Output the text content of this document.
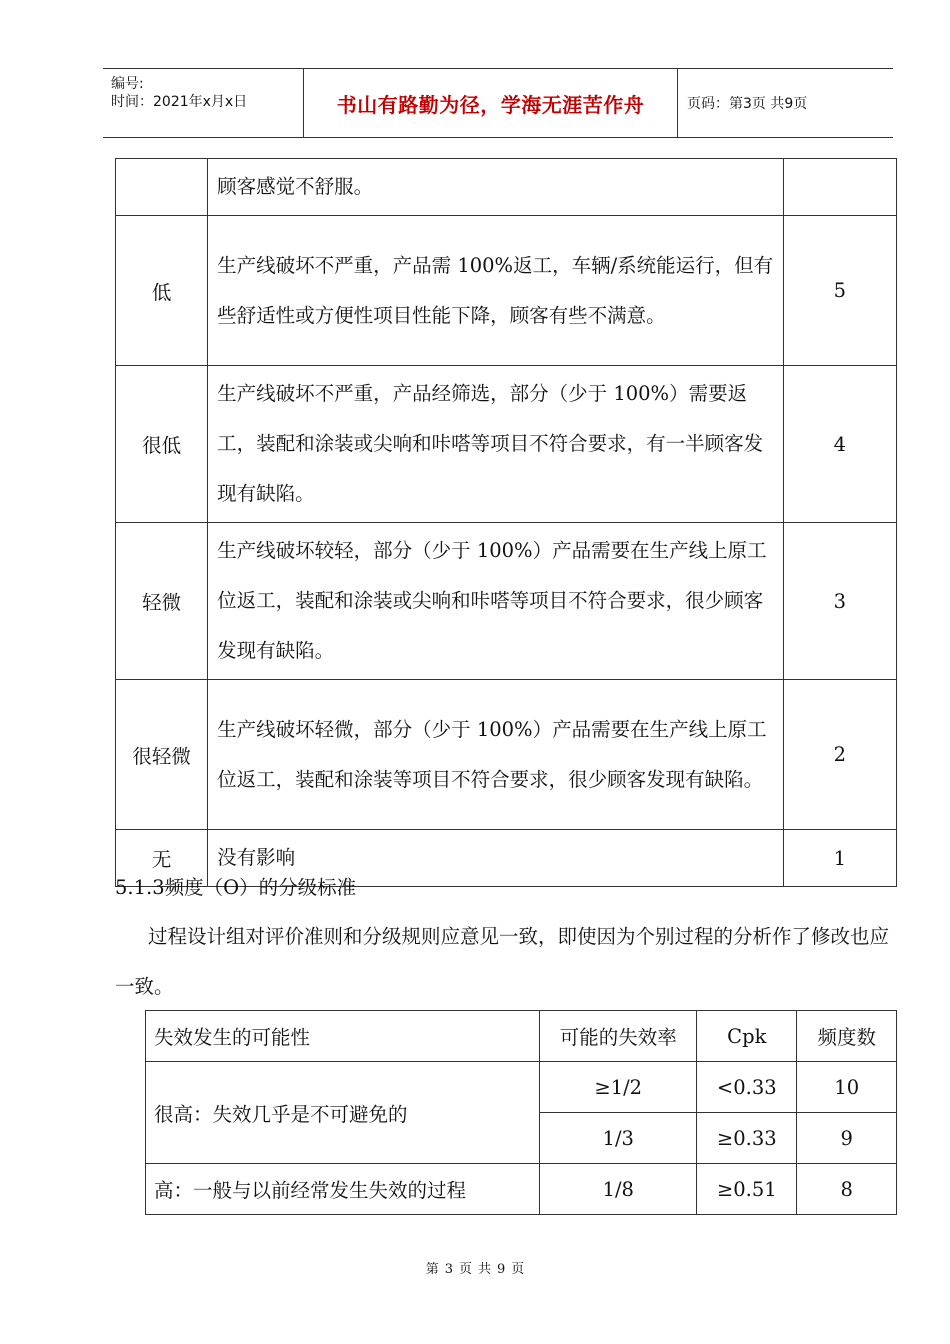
编号:
时间：2021年x月x日	书山有路勤为径，学海无涯苦作舟	页码：第3页 共9页
	顾客感觉不舒服。	
低	生产线破坏不严重，产品需 100%返工，车辆/系统能运行，但有些舒适性或方便性项目性能下降，顾客有些不满意。	5
很低	生产线破坏不严重，产品经筛选，部分（少于 100%）需要返工，装配和涂装或尖响和咔嗒等项目不符合要求，有一半顾客发现有缺陷。	4
轻微	生产线破坏较轻，部分（少于 100%）产品需要在生产线上原工位返工，装配和涂装或尖响和咔嗒等项目不符合要求，很少顾客发现有缺陷。	3
很轻微	生产线破坏轻微，部分（少于 100%）产品需要在生产线上原工位返工，装配和涂装等项目不符合要求，很少顾客发现有缺陷。	2
无	没有影响	1
5.1.3频度（O）的分级标准
过程设计组对评价准则和分级规则应意见一致，即使因为个别过程的分析作了修改也应一致。
失效发生的可能性	可能的失效率	Cpk	频度数
很高：失效几乎是不可避免的	≥1/2	<0.33	10
	1/3	≥0.33	9
高：一般与以前经常发生失效的过程	1/8	≥0.51	8
第 3 页 共 9 页
